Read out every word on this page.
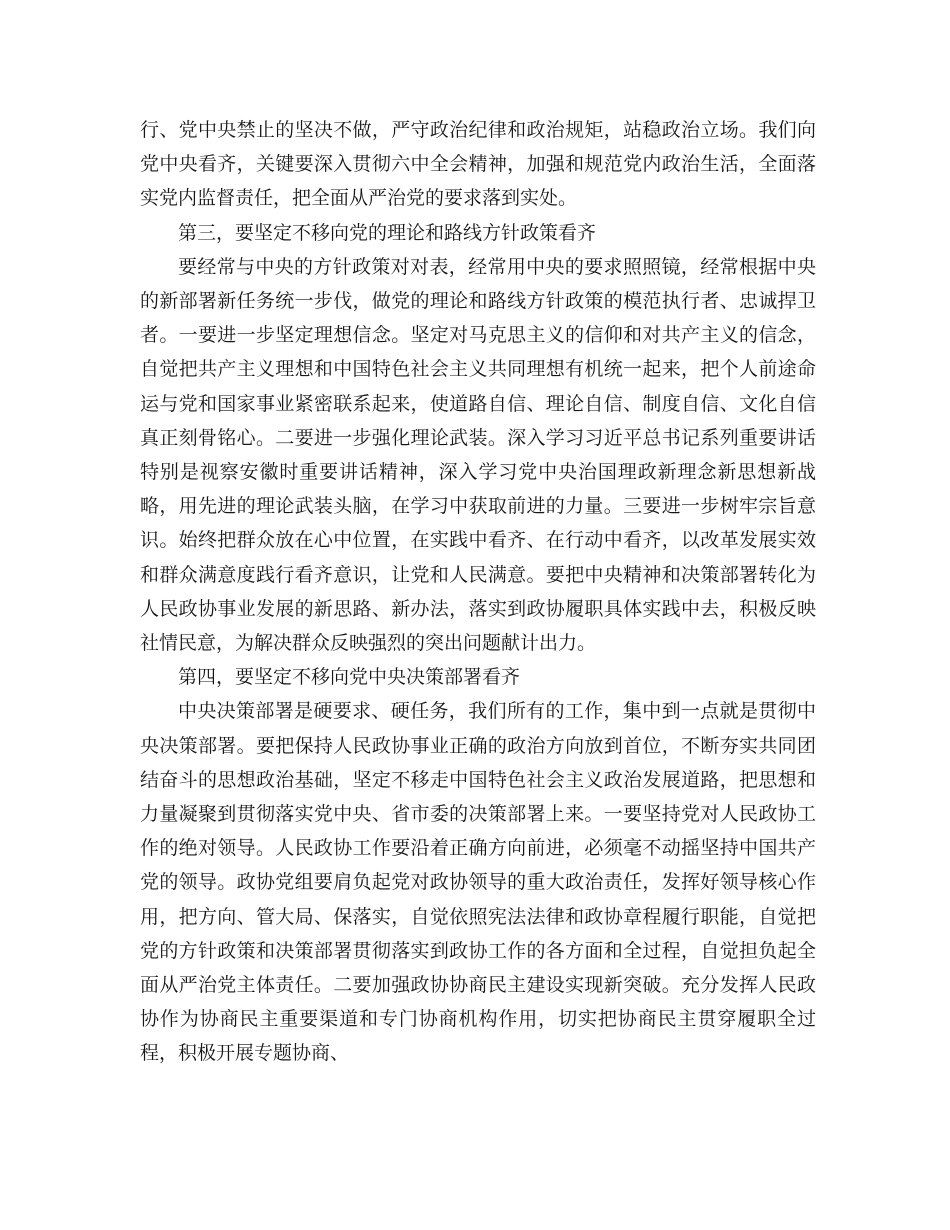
行、党中央禁止的坚决不做，严守政治纪律和政治规矩，站稳政治立场。我们向党中央看齐，关键要深入贯彻六中全会精神，加强和规范党内政治生活，全面落实党内监督责任，把全面从严治党的要求落到实处。

第三，要坚定不移向党的理论和路线方针政策看齐

要经常与中央的方针政策对对表，经常用中央的要求照照镜，经常根据中央的新部署新任务统一步伐，做党的理论和路线方针政策的模范执行者、忠诚捍卫者。一要进一步坚定理想信念。坚定对马克思主义的信仰和对共产主义的信念，自觉把共产主义理想和中国特色社会主义共同理想有机统一起来，把个人前途命运与党和国家事业紧密联系起来，使道路自信、理论自信、制度自信、文化自信真正刻骨铭心。二要进一步强化理论武装。深入学习习近平总书记系列重要讲话特别是视察安徽时重要讲话精神，深入学习党中央治国理政新理念新思想新战略，用先进的理论武装头脑，在学习中获取前进的力量。三要进一步树牢宗旨意识。始终把群众放在心中位置，在实践中看齐、在行动中看齐，以改革发展实效和群众满意度践行看齐意识，让党和人民满意。要把中央精神和决策部署转化为人民政协事业发展的新思路、新办法，落实到政协履职具体实践中去，积极反映社情民意，为解决群众反映强烈的突出问题献计出力。

第四，要坚定不移向党中央决策部署看齐

中央决策部署是硬要求、硬任务，我们所有的工作，集中到一点就是贯彻中央决策部署。要把保持人民政协事业正确的政治方向放到首位，不断夯实共同团结奋斗的思想政治基础，坚定不移走中国特色社会主义政治发展道路，把思想和力量凝聚到贯彻落实党中央、省市委的决策部署上来。一要坚持党对人民政协工作的绝对领导。人民政协工作要沿着正确方向前进，必须毫不动摇坚持中国共产党的领导。政协党组要肩负起党对政协领导的重大政治责任，发挥好领导核心作用，把方向、管大局、保落实，自觉依照宪法法律和政协章程履行职能，自觉把党的方针政策和决策部署贯彻落实到政协工作的各方面和全过程，自觉担负起全面从严治党主体责任。二要加强政协协商民主建设实现新突破。充分发挥人民政协作为协商民主重要渠道和专门协商机构作用，切实把协商民主贯穿履职全过程，积极开展专题协商、
